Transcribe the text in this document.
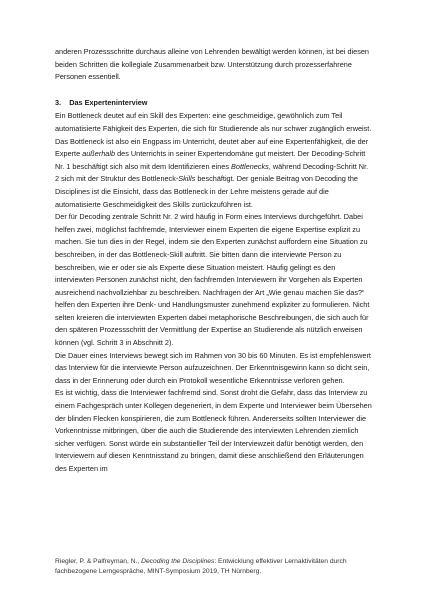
anderen Prozessschritte durchaus alleine von Lehrenden bewältigt werden können, ist bei diesen beiden Schritten die kollegiale Zusammenarbeit bzw. Unterstützung durch prozesserfahrene Personen essentiell.

3. Das Experteninterview

Ein Bottleneck deutet auf ein Skill des Experten: eine geschmeidige, gewöhnlich zum Teil automatisierte Fähigkeit des Experten, die sich für Studierende als nur schwer zugänglich erweist. Das Bottleneck ist also ein Engpass im Unterricht, deutet aber auf eine Expertenfähigkeit, die der Experte außerhalb des Unterrichts in seiner Expertendomäne gut meistert. Der Decoding-Schritt Nr. 1 beschäftigt sich also mit dem Identifizieren eines Bottlenecks, während Decoding-Schritt Nr. 2 sich mit der Struktur des Bottleneck-Skills beschäftigt. Der geniale Beitrag von Decoding the Disciplines ist die Einsicht, dass das Bottleneck in der Lehre meistens gerade auf die automatisierte Geschmeidigkeit des Skills zurückzuführen ist.

Der für Decoding zentrale Schritt Nr. 2 wird häufig in Form eines Interviews durchgeführt. Dabei helfen zwei, möglichst fachfremde, Interviewer einem Experten die eigene Expertise explizit zu machen. Sie tun dies in der Regel, indem sie den Experten zunächst auffordern eine Situation zu beschreiben, in der das Bottleneck-Skill auftritt. Sie bitten dann die interviewte Person zu beschreiben, wie er oder sie als Experte diese Situation meistert. Häufig gelingt es den interviewten Personen zunächst nicht, den fachfremden Interviewern ihr Vorgehen als Experten ausreichend nachvollziehbar zu beschreiben. Nachfragen der Art „Wie genau machen Sie das?“ helfen den Experten ihre Denk- und Handlungsmuster zunehmend expliziter zu formulieren. Nicht selten kreieren die interviewten Experten dabei metaphorische Beschreibungen, die sich auch für den späteren Prozessschritt der Vermittlung der Expertise an Studierende als nützlich erweisen können (vgl. Schritt 3 in Abschnitt 2).

Die Dauer eines Interviews bewegt sich im Rahmen von 30 bis 60 Minuten. Es ist empfehlenswert das Interview für die interviewte Person aufzuzeichnen. Der Erkenntnisgewinn kann so dicht sein, dass in der Erinnerung oder durch ein Protokoll wesentliche Erkenntnisse verloren gehen.

Es ist wichtig, dass die Interviewer fachfremd sind. Sonst droht die Gefahr, dass das Interview zu einem Fachgespräch unter Kollegen degeneriert, in dem Experte und Interviewer beim Übersehen der blinden Flecken konspirieren, die zum Bottleneck führen. Andererseits sollten Interviewer die Vorkenntnisse mitbringen, über die auch die Studierende des interviewten Lehrenden ziemlich sicher verfügen. Sonst würde ein substantieller Teil der Interviewzeit dafür benötigt werden, den Interviewern auf diesen Kenntnisstand zu bringen, damit diese anschließend den Erläuterungen des Experten im

Riegler, P. & Palfreyman, N., Decoding the Disciplines: Entwicklung effektiver Lernaktivitäten durch fachbezogene Lerngespräche, MINT-Symposium 2019, TH Nürnberg.
